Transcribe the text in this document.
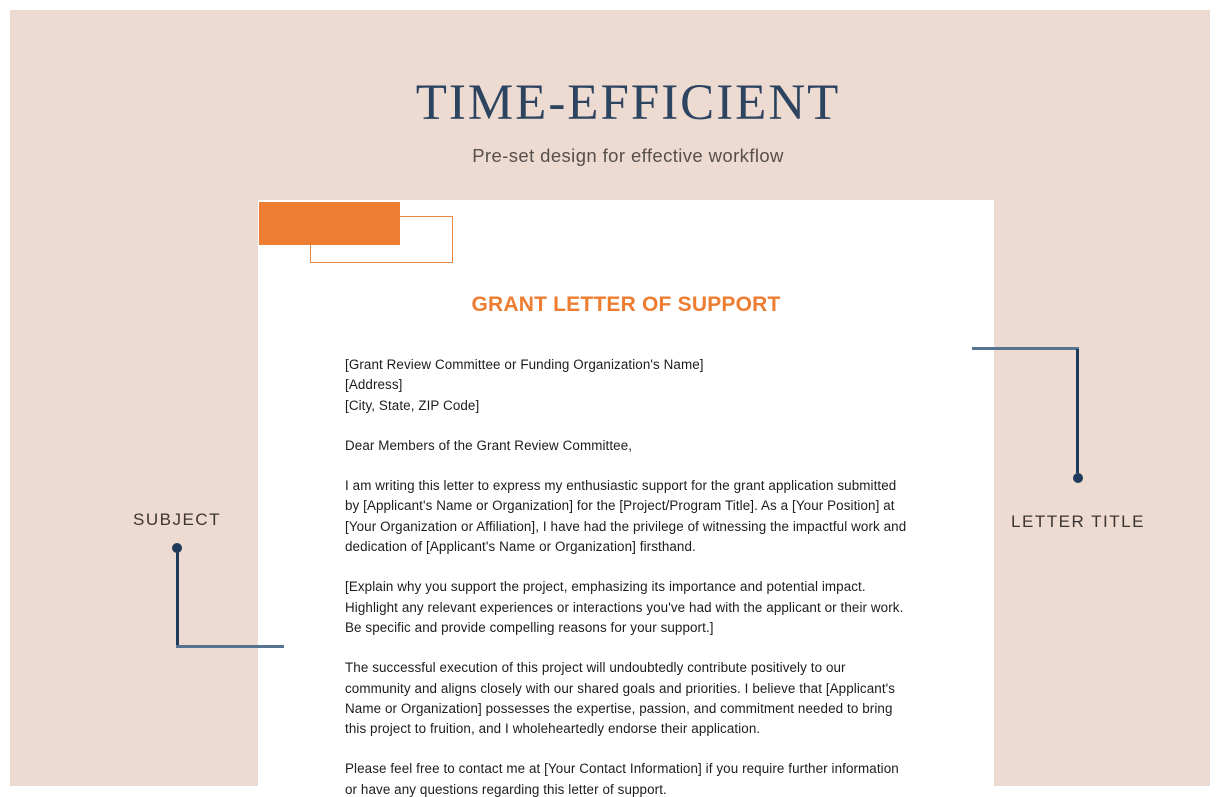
TIME-EFFICIENT
Pre-set design for effective workflow
GRANT LETTER OF SUPPORT

[Grant Review Committee or Funding Organization's Name]

[Address]

[City, State, ZIP Code]

Dear Members of the Grant Review Committee,

I am writing this letter to express my enthusiastic support for the grant application submitted by [Applicant's Name or Organization] for the [Project/Program Title]. As a [Your Position] at [Your Organization or Affiliation], I have had the privilege of witnessing the impactful work and dedication of [Applicant's Name or Organization] firsthand.

[Explain why you support the project, emphasizing its importance and potential impact. Highlight any relevant experiences or interactions you've had with the applicant or their work. Be specific and provide compelling reasons for your support.]

The successful execution of this project will undoubtedly contribute positively to our community and aligns closely with our shared goals and priorities. I believe that [Applicant's Name or Organization] possesses the expertise, passion, and commitment needed to bring this project to fruition, and I wholeheartedly endorse their application.

Please feel free to contact me at [Your Contact Information] if you require further information or have any questions regarding this letter of support.

SUBJECT	LETTER TITLE
